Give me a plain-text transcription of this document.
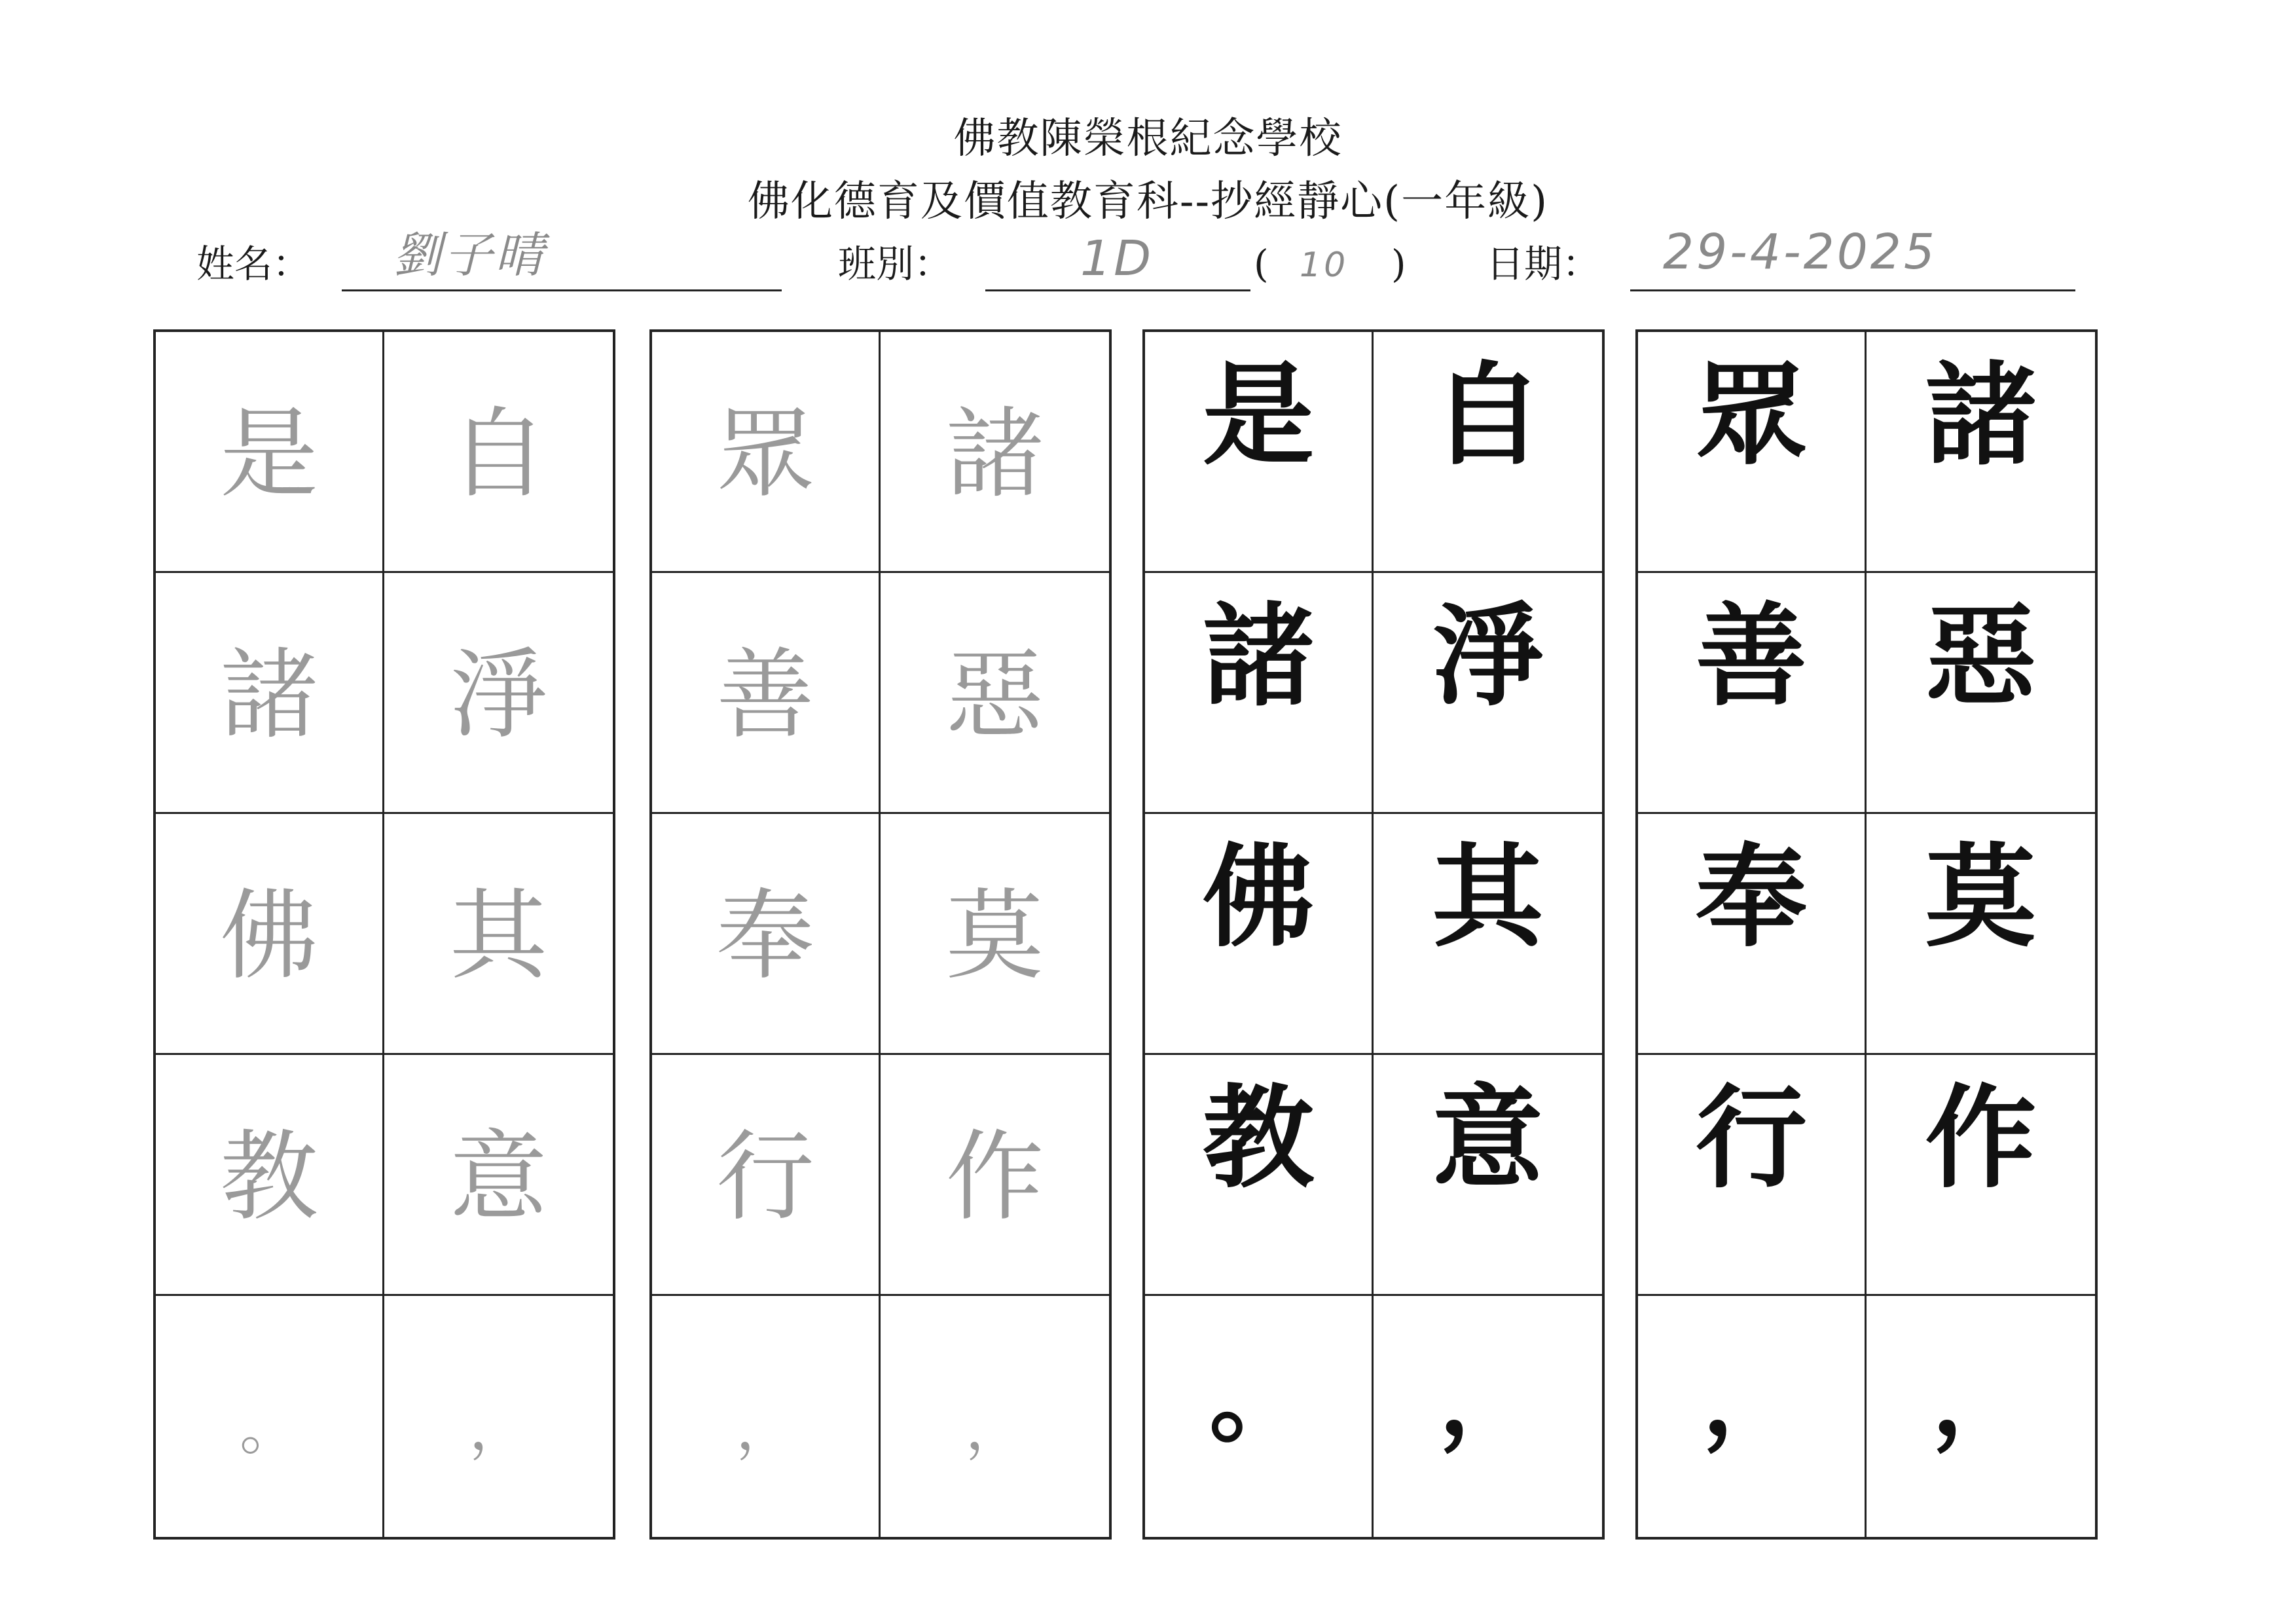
佛教陳榮根紀念學校
佛化德育及價值教育科--抄經靜心(一年級)
姓名： 劉子晴	班別：	1D	( 10 ) 日期： 29-4-2025
是 自
諸 淨
佛 其
教 意
。	，
眾 諸
善 惡
奉 莫
行 作
，	，
是 自
諸 淨
佛 其
教 意
。 ，
眾 諸
善 惡
奉 莫
行 作
， ，
